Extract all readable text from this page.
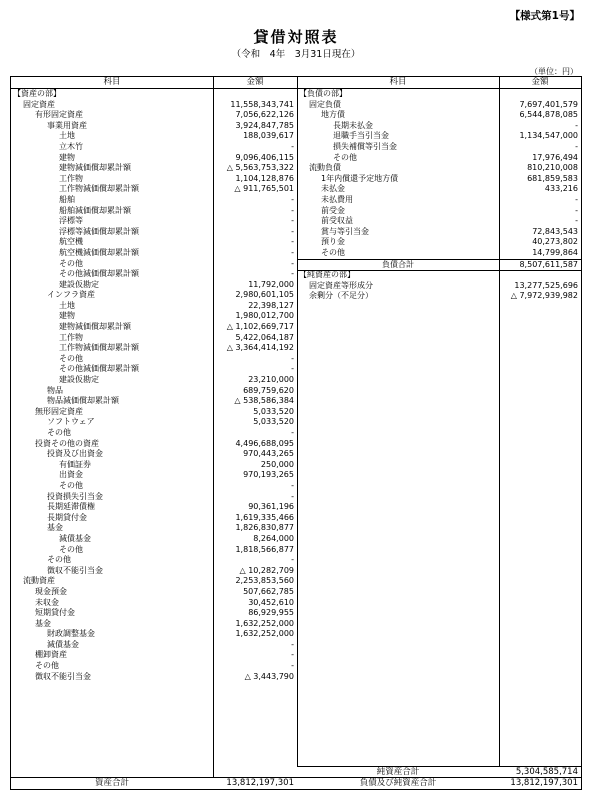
【様式第1号】
貸借対照表
（令和　4年　3月31日現在）
（単位：円）
科目	金額
【資産の部】
固定資産	11,558,343,741
有形固定資産	7,056,622,126
事業用資産	3,924,847,785
土地	188,039,617
立木竹	-
建物	9,096,406,115
建物減価償却累計額	△ 5,563,753,322
工作物	1,104,128,876
工作物減価償却累計額	△ 911,765,501
船舶	-
船舶減価償却累計額	-
浮標等	-
浮標等減価償却累計額	-
航空機	-
航空機減価償却累計額	-
その他	-
その他減価償却累計額	-
建設仮勘定	11,792,000
インフラ資産	2,980,601,105
土地	22,398,127
建物	1,980,012,700
建物減価償却累計額	△ 1,102,669,717
工作物	5,422,064,187
工作物減価償却累計額	△ 3,364,414,192
その他	-
その他減価償却累計額	-
建設仮勘定	23,210,000
物品	689,759,620
物品減価償却累計額	△ 538,586,384
無形固定資産	5,033,520
ソフトウェア	5,033,520
その他	-
投資その他の資産	4,496,688,095
投資及び出資金	970,443,265
有価証券	250,000
出資金	970,193,265
その他	-
投資損失引当金	-
長期延滞債権	90,361,196
長期貸付金	1,619,335,466
基金	1,826,830,877
減債基金	8,264,000
その他	1,818,566,877
その他	-
徴収不能引当金	△ 10,282,709
流動資産	2,253,853,560
現金預金	507,662,785
未収金	30,452,610
短期貸付金	86,929,955
基金	1,632,252,000
財政調整基金	1,632,252,000
減債基金	-
棚卸資産	-
その他	-
徴収不能引当金	△ 3,443,790
資産合計	13,812,197,301
科目	金額
【負債の部】
固定負債	7,697,401,579
地方債	6,544,878,085
長期未払金	-
退職手当引当金	1,134,547,000
損失補償等引当金	-
その他	17,976,494
流動負債	810,210,008
1年内償還予定地方債	681,859,583
未払金	433,216
未払費用	-
前受金	-
前受収益	-
賞与等引当金	72,843,543
預り金	40,273,802
その他	14,799,864
負債合計	8,507,611,587
【純資産の部】
固定資産等形成分	13,277,525,696
余剰分（不足分）	△ 7,972,939,982
純資産合計	5,304,585,714
負債及び純資産合計	13,812,197,301
